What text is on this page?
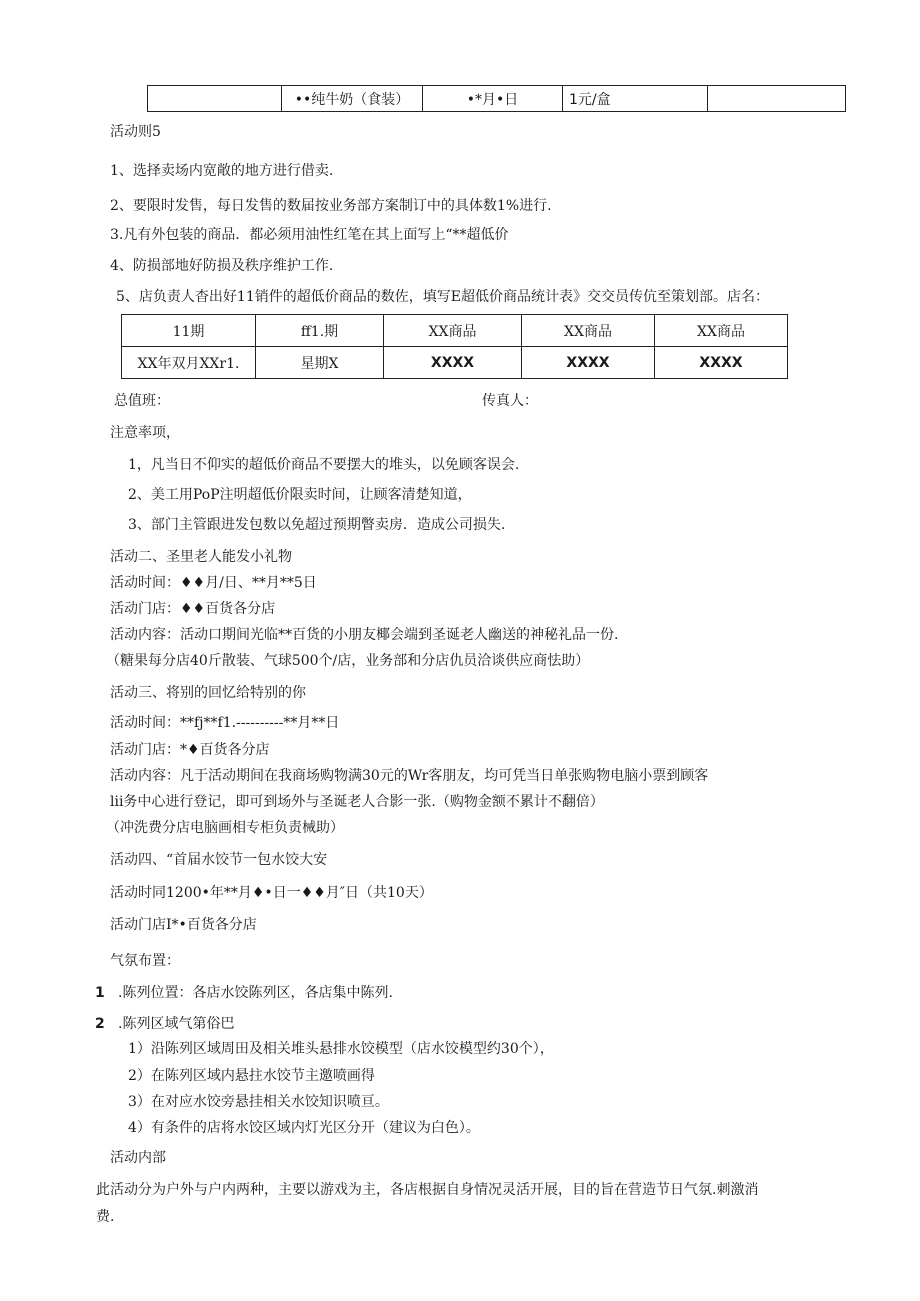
	••纯牛奶（食装）	•*月•日	1元/盒	
活动则5
1、选择卖场内宽敞的地方进行借卖.
2、要限时发售，每日发售的数届按业务部方案制订中的具体数1%进行.
3.凡有外包装的商品．都必须用油性红笔在其上面写上“**超低价
4、防损部地好防损及秩序维护工作.
5、店负责人杳出好11销件的超低价商品的数佐，填写E超低价商品统计表》交交员传伉至策划部。店名：
11期	ff1.期	XX商品	XX商品	XX商品
XX年双月XXr1.	星期X	XXXX	XXXX	XXXX
总值班：	传真人：
注意率项，
1，凡当日不仰实的超低价商品不要摆大的堆头，以免顾客误会.
2、美工用PoP注明超低价限卖时间，让顾客清楚知道，
3、部门主管跟进发包数以免超过预期瞥卖房．造成公司损失.
活动二、圣里老人能发小礼物
活动时间：♦♦月/日、**月**5日
活动门店：♦♦百货各分店
活动内容：活动口期间光临**百货的小朋友椰会端到圣诞老人幽送的神秘礼品一份.
（糖果每分店40斤散装、气球500个/店，业务部和分店仇员洽谈供应商怯助）
活动三、将别的回忆给特别的你
活动时间：**fj**f1.----------**月**日
活动门店：*♦百货各分店
活动内容：凡于活动期间在我商场购物满30元的Wr客朋友，均可凭当日单张购物电脑小票到顾客
lii务中心进行登记，即可到场外与圣诞老人合影一张.（购物金额不累计不翻倍）
（冲洗费分店电脑画相专柜负责械助）
活动四、“首届水饺节一包水饺大安
活动时同1200•年**月♦•日一♦♦月″日（共10天）
活动门店I*•百货各分店
气氛布置：
1 .陈列位置：各店水饺陈列区，各店集中陈列.
2 .陈列区域气第俗巴
1）沿陈列区域周田及相关堆头悬排水饺模型（店水饺模型约30个），
2）在陈列区域内悬拄水饺节主邀喷画得
3）在对应水饺旁悬挂相关水饺知识喷亘。
4）有条件的店将水饺区域内灯光区分开（建议为白色）。
活动内部
此活动分为户外与户内两种，主要以游戏为主，各店根据自身情况灵活开展，目的旨在营造节日气氛.刺激消
费.
